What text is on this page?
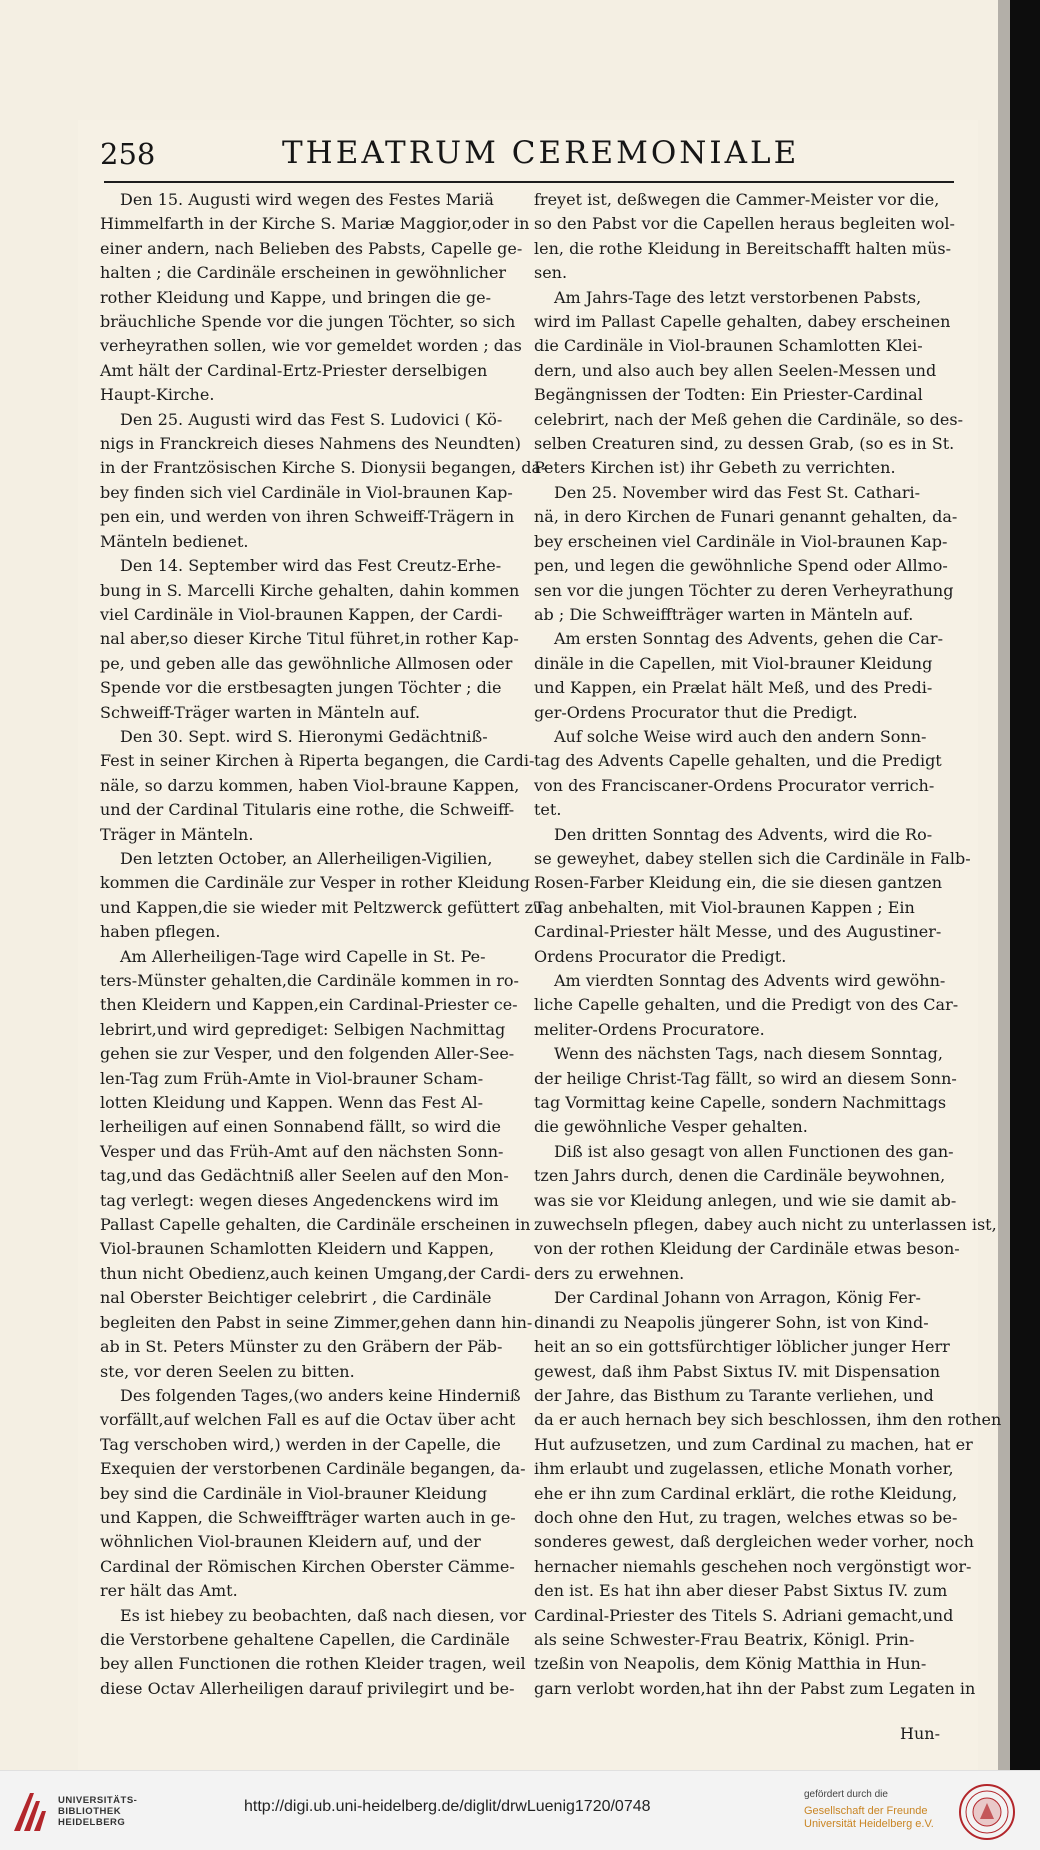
258	THEATRUM CEREMONIALE

Den 15. Augusti wird wegen des Festes Mariä
Himmelfarth in der Kirche S. Mariæ Maggior,oder in
einer andern, nach Belieben des Pabsts, Capelle ge-
halten ; die Cardinäle erscheinen in gewöhnlicher
rother Kleidung und Kappe, und bringen die ge-
bräuchliche Spende vor die jungen Töchter, so sich
verheyrathen sollen, wie vor gemeldet worden ; das
Amt hält der Cardinal-Ertz-Priester derselbigen
Haupt-Kirche.

Den 25. Augusti wird das Fest S. Ludovici ( Kö-
nigs in Franckreich dieses Nahmens des Neundten)
in der Frantzösischen Kirche S. Dionysii begangen, da-
bey finden sich viel Cardinäle in Viol-braunen Kap-
pen ein, und werden von ihren Schweiff-Trägern in
Mänteln bedienet.

Den 14. September wird das Fest Creutz-Erhe-
bung in S. Marcelli Kirche gehalten, dahin kommen
viel Cardinäle in Viol-braunen Kappen, der Cardi-
nal aber,so dieser Kirche Titul führet,in rother Kap-
pe, und geben alle das gewöhnliche Allmosen oder
Spende vor die erstbesagten jungen Töchter ; die
Schweiff-Träger warten in Mänteln auf.

Den 30. Sept. wird S. Hieronymi Gedächtniß-
Fest in seiner Kirchen à Riperta begangen, die Cardi-
näle, so darzu kommen, haben Viol-braune Kappen,
und der Cardinal Titularis eine rothe, die Schweiff-
Träger in Mänteln.

Den letzten October, an Allerheiligen-Vigilien,
kommen die Cardinäle zur Vesper in rother Kleidung
und Kappen,die sie wieder mit Peltzwerck gefüttert zu
haben pflegen.

Am Allerheiligen-Tage wird Capelle in St. Pe-
ters-Münster gehalten,die Cardinäle kommen in ro-
then Kleidern und Kappen,ein Cardinal-Priester ce-
lebrirt,und wird geprediget: Selbigen Nachmittag
gehen sie zur Vesper, und den folgenden Aller-See-
len-Tag zum Früh-Amte in Viol-brauner Scham-
lotten Kleidung und Kappen. Wenn das Fest Al-
lerheiligen auf einen Sonnabend fällt, so wird die
Vesper und das Früh-Amt auf den nächsten Sonn-
tag,und das Gedächtniß aller Seelen auf den Mon-
tag verlegt: wegen dieses Angedenckens wird im
Pallast Capelle gehalten, die Cardinäle erscheinen in
Viol-braunen Schamlotten Kleidern und Kappen,
thun nicht Obedienz,auch keinen Umgang,der Cardi-
nal Oberster Beichtiger celebrirt , die Cardinäle
begleiten den Pabst in seine Zimmer,gehen dann hin-
ab in St. Peters Münster zu den Gräbern der Päb-
ste, vor deren Seelen zu bitten.

Des folgenden Tages,(wo anders keine Hinderniß
vorfällt,auf welchen Fall es auf die Octav über acht
Tag verschoben wird,) werden in der Capelle, die
Exequien der verstorbenen Cardinäle begangen, da-
bey sind die Cardinäle in Viol-brauner Kleidung
und Kappen, die Schweiffträger warten auch in ge-
wöhnlichen Viol-braunen Kleidern auf, und der
Cardinal der Römischen Kirchen Oberster Cämme-
rer hält das Amt.

Es ist hiebey zu beobachten, daß nach diesen, vor
die Verstorbene gehaltene Capellen, die Cardinäle
bey allen Functionen die rothen Kleider tragen, weil
diese Octav Allerheiligen darauf privilegirt und be-

freyet ist, deßwegen die Cammer-Meister vor die,
so den Pabst vor die Capellen heraus begleiten wol-
len, die rothe Kleidung in Bereitschafft halten müs-
sen.

Am Jahrs-Tage des letzt verstorbenen Pabsts,
wird im Pallast Capelle gehalten, dabey erscheinen
die Cardinäle in Viol-braunen Schamlotten Klei-
dern, und also auch bey allen Seelen-Messen und
Begängnissen der Todten: Ein Priester-Cardinal
celebrirt, nach der Meß gehen die Cardinäle, so des-
selben Creaturen sind, zu dessen Grab, (so es in St.
Peters Kirchen ist) ihr Gebeth zu verrichten.

Den 25. November wird das Fest St. Cathari-
nä, in dero Kirchen de Funari genannt gehalten, da-
bey erscheinen viel Cardinäle in Viol-braunen Kap-
pen, und legen die gewöhnliche Spend oder Allmo-
sen vor die jungen Töchter zu deren Verheyrathung
ab ; Die Schweiffträger warten in Mänteln auf.

Am ersten Sonntag des Advents, gehen die Car-
dinäle in die Capellen, mit Viol-brauner Kleidung
und Kappen, ein Prælat hält Meß, und des Predi-
ger-Ordens Procurator thut die Predigt.

Auf solche Weise wird auch den andern Sonn-
tag des Advents Capelle gehalten, und die Predigt
von des Franciscaner-Ordens Procurator verrich-
tet.

Den dritten Sonntag des Advents, wird die Ro-
se geweyhet, dabey stellen sich die Cardinäle in Falb-
Rosen-Farber Kleidung ein, die sie diesen gantzen
Tag anbehalten, mit Viol-braunen Kappen ; Ein
Cardinal-Priester hält Messe, und des Augustiner-
Ordens Procurator die Predigt.

Am vierdten Sonntag des Advents wird gewöhn-
liche Capelle gehalten, und die Predigt von des Car-
meliter-Ordens Procuratore.

Wenn des nächsten Tags, nach diesem Sonntag,
der heilige Christ-Tag fällt, so wird an diesem Sonn-
tag Vormittag keine Capelle, sondern Nachmittags
die gewöhnliche Vesper gehalten.

Diß ist also gesagt von allen Functionen des gan-
tzen Jahrs durch, denen die Cardinäle beywohnen,
was sie vor Kleidung anlegen, und wie sie damit ab-
zuwechseln pflegen, dabey auch nicht zu unterlassen ist,
von der rothen Kleidung der Cardinäle etwas beson-
ders zu erwehnen.

Der Cardinal Johann von Arragon, König Fer-
dinandi zu Neapolis jüngerer Sohn, ist von Kind-
heit an so ein gottsfürchtiger löblicher junger Herr
gewest, daß ihm Pabst Sixtus IV. mit Dispensation
der Jahre, das Bisthum zu Tarante verliehen, und
da er auch hernach bey sich beschlossen, ihm den rothen
Hut aufzusetzen, und zum Cardinal zu machen, hat er
ihm erlaubt und zugelassen, etliche Monath vorher,
ehe er ihn zum Cardinal erklärt, die rothe Kleidung,
doch ohne den Hut, zu tragen, welches etwas so be-
sonderes gewest, daß dergleichen weder vorher, noch
hernacher niemahls geschehen noch vergönstigt wor-
den ist. Es hat ihn aber dieser Pabst Sixtus IV. zum
Cardinal-Priester des Titels S. Adriani gemacht,und
als seine Schwester-Frau Beatrix, Königl. Prin-
tzeßin von Neapolis, dem König Matthia in Hun-
garn verlobt worden,hat ihn der Pabst zum Legaten in

Hun-
UNIVERSITÄTS-
BIBLIOTHEK
HEIDELBERG
http://digi.ub.uni-heidelberg.de/diglit/drwLuenig1720/0748
gefördert durch die
Gesellschaft der Freunde
Universität Heidelberg e.V.
